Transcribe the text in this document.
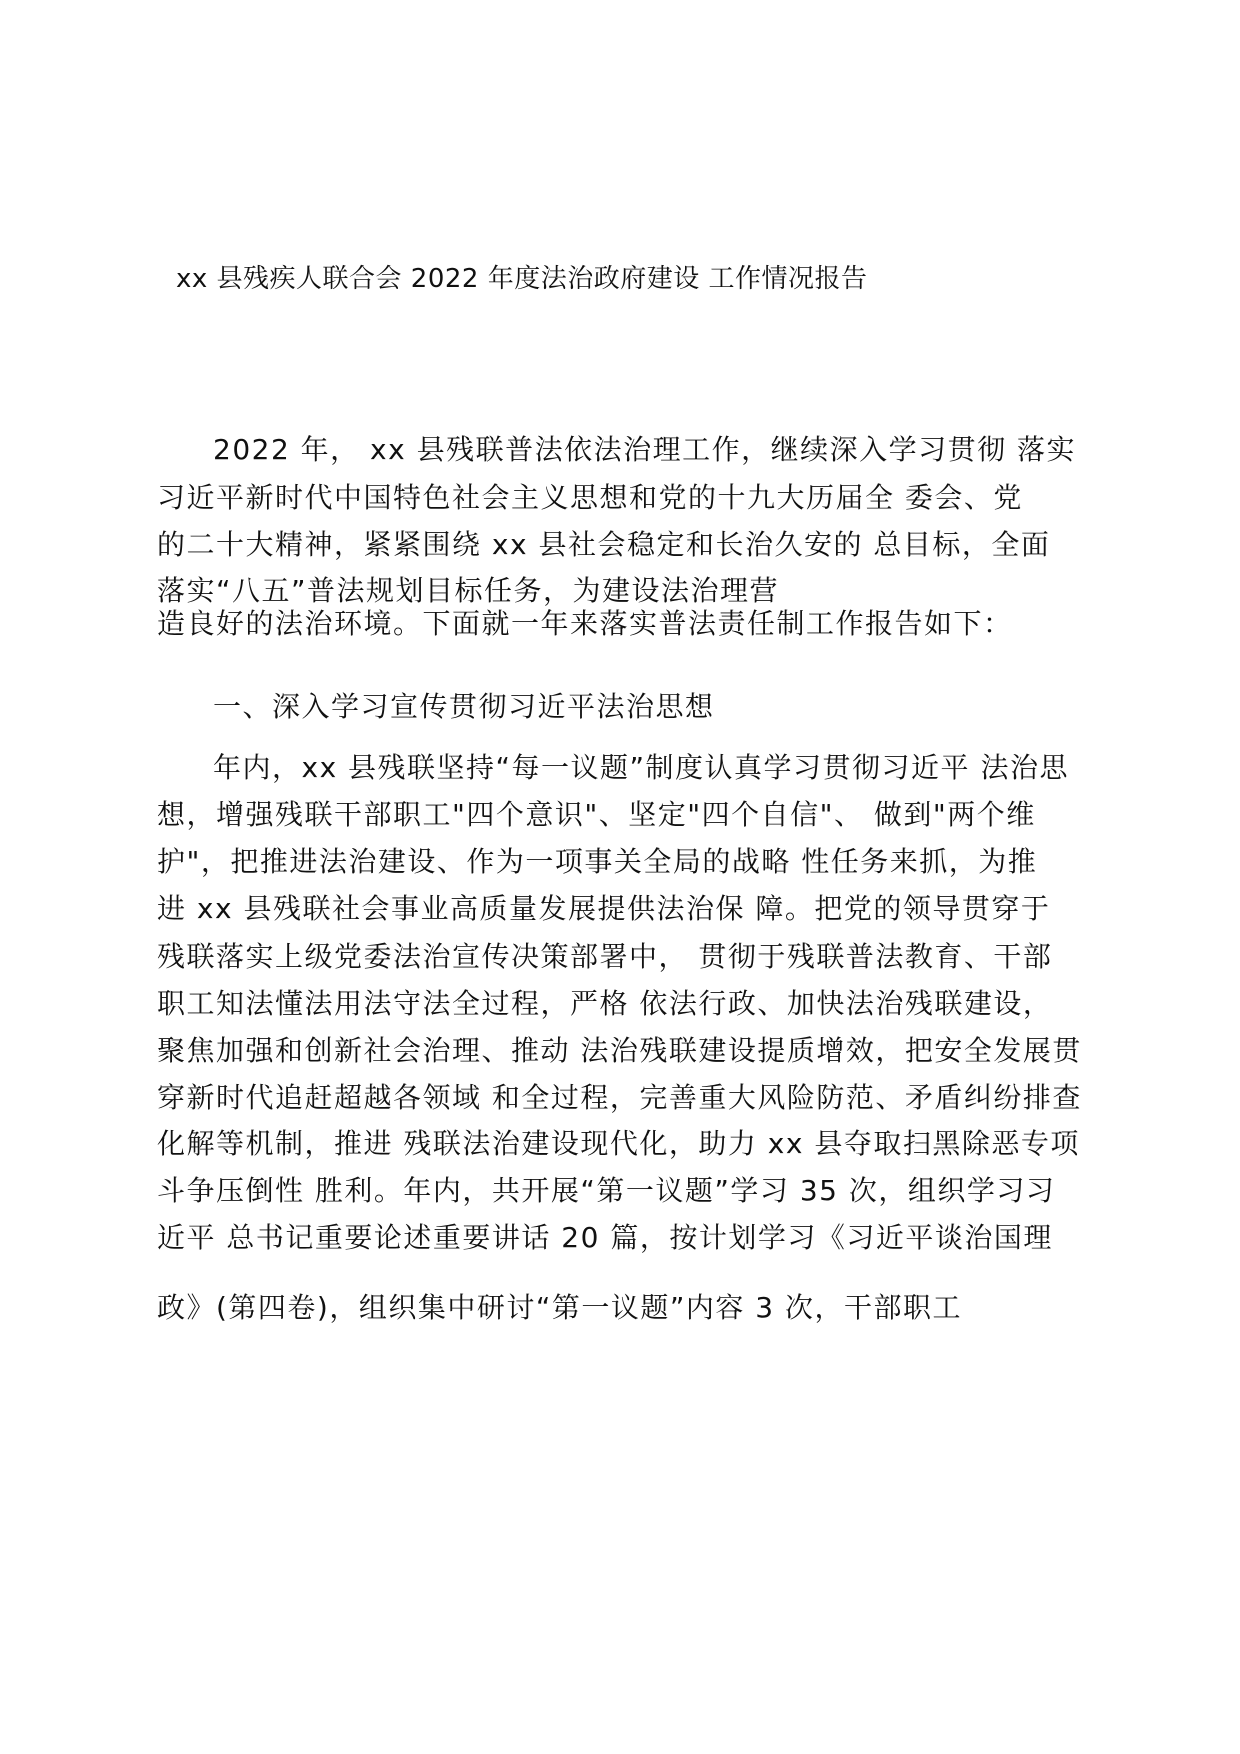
xx 县残疾人联合会 2022 年度法治政府建设 工作情况报告
2022 年， xx 县残联普法依法治理工作，继续深入学习贯彻 落实
习近平新时代中国特色社会主义思想和党的十九大历届全 委会、党
的二十大精神，紧紧围绕 xx 县社会稳定和长治久安的 总目标，全面
落实“八五”普法规划目标任务，为建设法治理营
造良好的法治环境。下面就一年来落实普法责任制工作报告如下：
一、深入学习宣传贯彻习近平法治思想
年内，xx 县残联坚持“每一议题”制度认真学习贯彻习近平 法治思
想，增强残联干部职工"四个意识"、坚定"四个自信"、 做到"两个维
护"，把推进法治建设、作为一项事关全局的战略 性任务来抓，为推
进 xx 县残联社会事业高质量发展提供法治保 障。把党的领导贯穿于
残联落实上级党委法治宣传决策部署中， 贯彻于残联普法教育、干部
职工知法懂法用法守法全过程，严格 依法行政、加快法治残联建设，
聚焦加强和创新社会治理、推动 法治残联建设提质增效，把安全发展贯
穿新时代追赶超越各领域 和全过程，完善重大风险防范、矛盾纠纷排查
化解等机制，推进 残联法治建设现代化，助力 xx 县夺取扫黑除恶专项
斗争压倒性 胜利。年内，共开展“第一议题”学习 35 次，组织学习习
近平 总书记重要论述重要讲话 20 篇，按计划学习《习近平谈治国理
政》(第四卷)，组织集中研讨“第一议题”内容 3 次，干部职工
